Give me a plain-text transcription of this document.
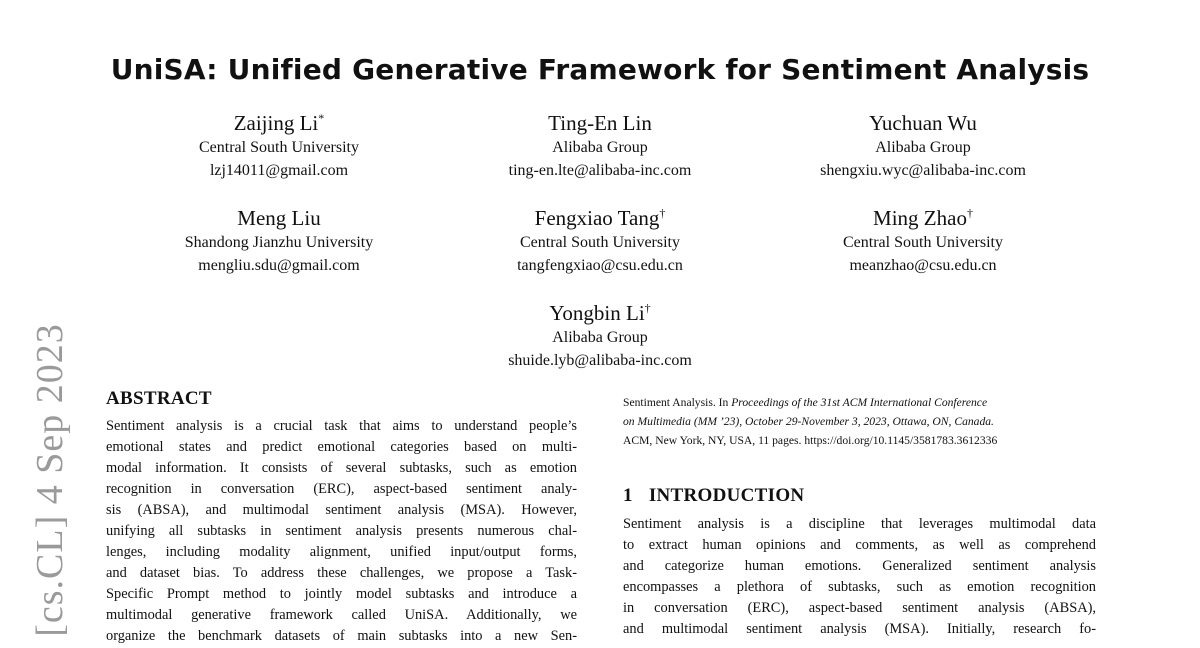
[cs.CL] 4 Sep 2023
UniSA: Unified Generative Framework for Sentiment Analysis
Zaijing Li*
Central South University
lzj14011@gmail.com
Ting-En Lin
Alibaba Group
ting-en.lte@alibaba-inc.com
Yuchuan Wu
Alibaba Group
shengxiu.wyc@alibaba-inc.com
Meng Liu
Shandong Jianzhu University
mengliu.sdu@gmail.com
Fengxiao Tang†
Central South University
tangfengxiao@csu.edu.cn
Ming Zhao†
Central South University
meanzhao@csu.edu.cn
Yongbin Li†
Alibaba Group
shuide.lyb@alibaba-inc.com
ABSTRACT
Sentiment analysis is a crucial task that aims to understand people’s
emotional states and predict emotional categories based on multi-
modal information. It consists of several subtasks, such as emotion
recognition in conversation (ERC), aspect-based sentiment analy-
sis (ABSA), and multimodal sentiment analysis (MSA). However,
unifying all subtasks in sentiment analysis presents numerous chal-
lenges, including modality alignment, unified input/output forms,
and dataset bias. To address these challenges, we propose a Task-
Specific Prompt method to jointly model subtasks and introduce a
multimodal generative framework called UniSA. Additionally, we
organize the benchmark datasets of main subtasks into a new Sen-
Sentiment Analysis. In Proceedings of the 31st ACM International Conference
on Multimedia (MM ’23), October 29-November 3, 2023, Ottawa, ON, Canada.
ACM, New York, NY, USA, 11 pages. https://doi.org/10.1145/3581783.3612336
1 INTRODUCTION
Sentiment analysis is a discipline that leverages multimodal data
to extract human opinions and comments, as well as comprehend
and categorize human emotions. Generalized sentiment analysis
encompasses a plethora of subtasks, such as emotion recognition
in conversation (ERC), aspect-based sentiment analysis (ABSA),
and multimodal sentiment analysis (MSA). Initially, research fo-
